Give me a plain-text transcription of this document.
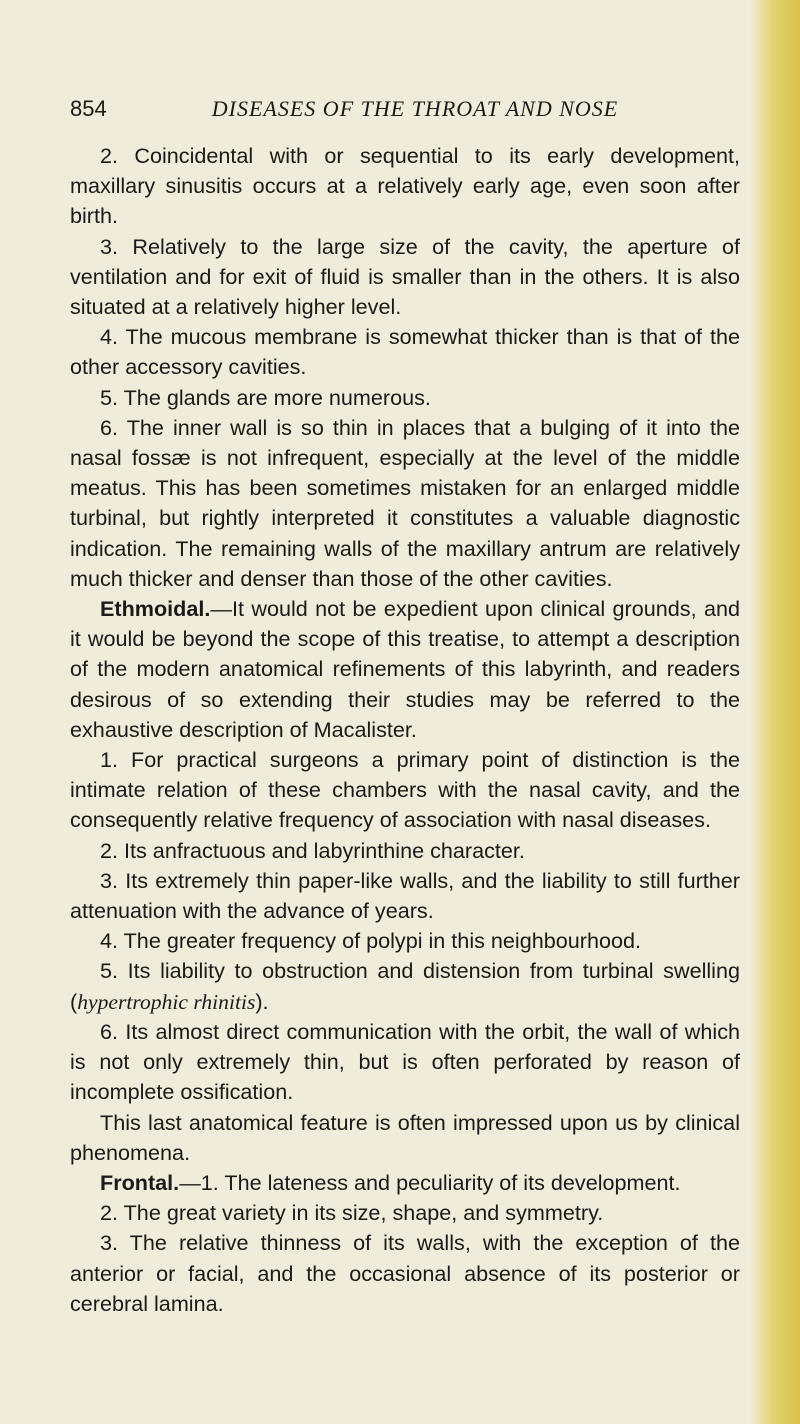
854	DISEASES OF THE THROAT AND NOSE

2. Coincidental with or sequential to its early development, maxillary sinusitis occurs at a relatively early age, even soon after birth.

3. Relatively to the large size of the cavity, the aperture of ventilation and for exit of fluid is smaller than in the others. It is also situated at a relatively higher level.

4. The mucous membrane is somewhat thicker than is that of the other accessory cavities.

5. The glands are more numerous.

6. The inner wall is so thin in places that a bulging of it into the nasal fossæ is not infrequent, especially at the level of the middle meatus. This has been sometimes mistaken for an enlarged middle turbinal, but rightly interpreted it constitutes a valuable diagnostic indication. The remaining walls of the maxillary antrum are relatively much thicker and denser than those of the other cavities.

Ethmoidal.—It would not be expedient upon clinical grounds, and it would be beyond the scope of this treatise, to attempt a description of the modern anatomical refinements of this labyrinth, and readers desirous of so extending their studies may be referred to the exhaustive description of Macalister.

1. For practical surgeons a primary point of distinction is the intimate relation of these chambers with the nasal cavity, and the consequently relative frequency of association with nasal diseases.

2. Its anfractuous and labyrinthine character.

3. Its extremely thin paper-like walls, and the liability to still further attenuation with the advance of years.

4. The greater frequency of polypi in this neighbourhood.

5. Its liability to obstruction and distension from turbinal swelling (hypertrophic rhinitis).

6. Its almost direct communication with the orbit, the wall of which is not only extremely thin, but is often perforated by reason of incomplete ossification.

This last anatomical feature is often impressed upon us by clinical phenomena.

Frontal.—1. The lateness and peculiarity of its development.

2. The great variety in its size, shape, and symmetry.

3. The relative thinness of its walls, with the exception of the anterior or facial, and the occasional absence of its posterior or cerebral lamina.
